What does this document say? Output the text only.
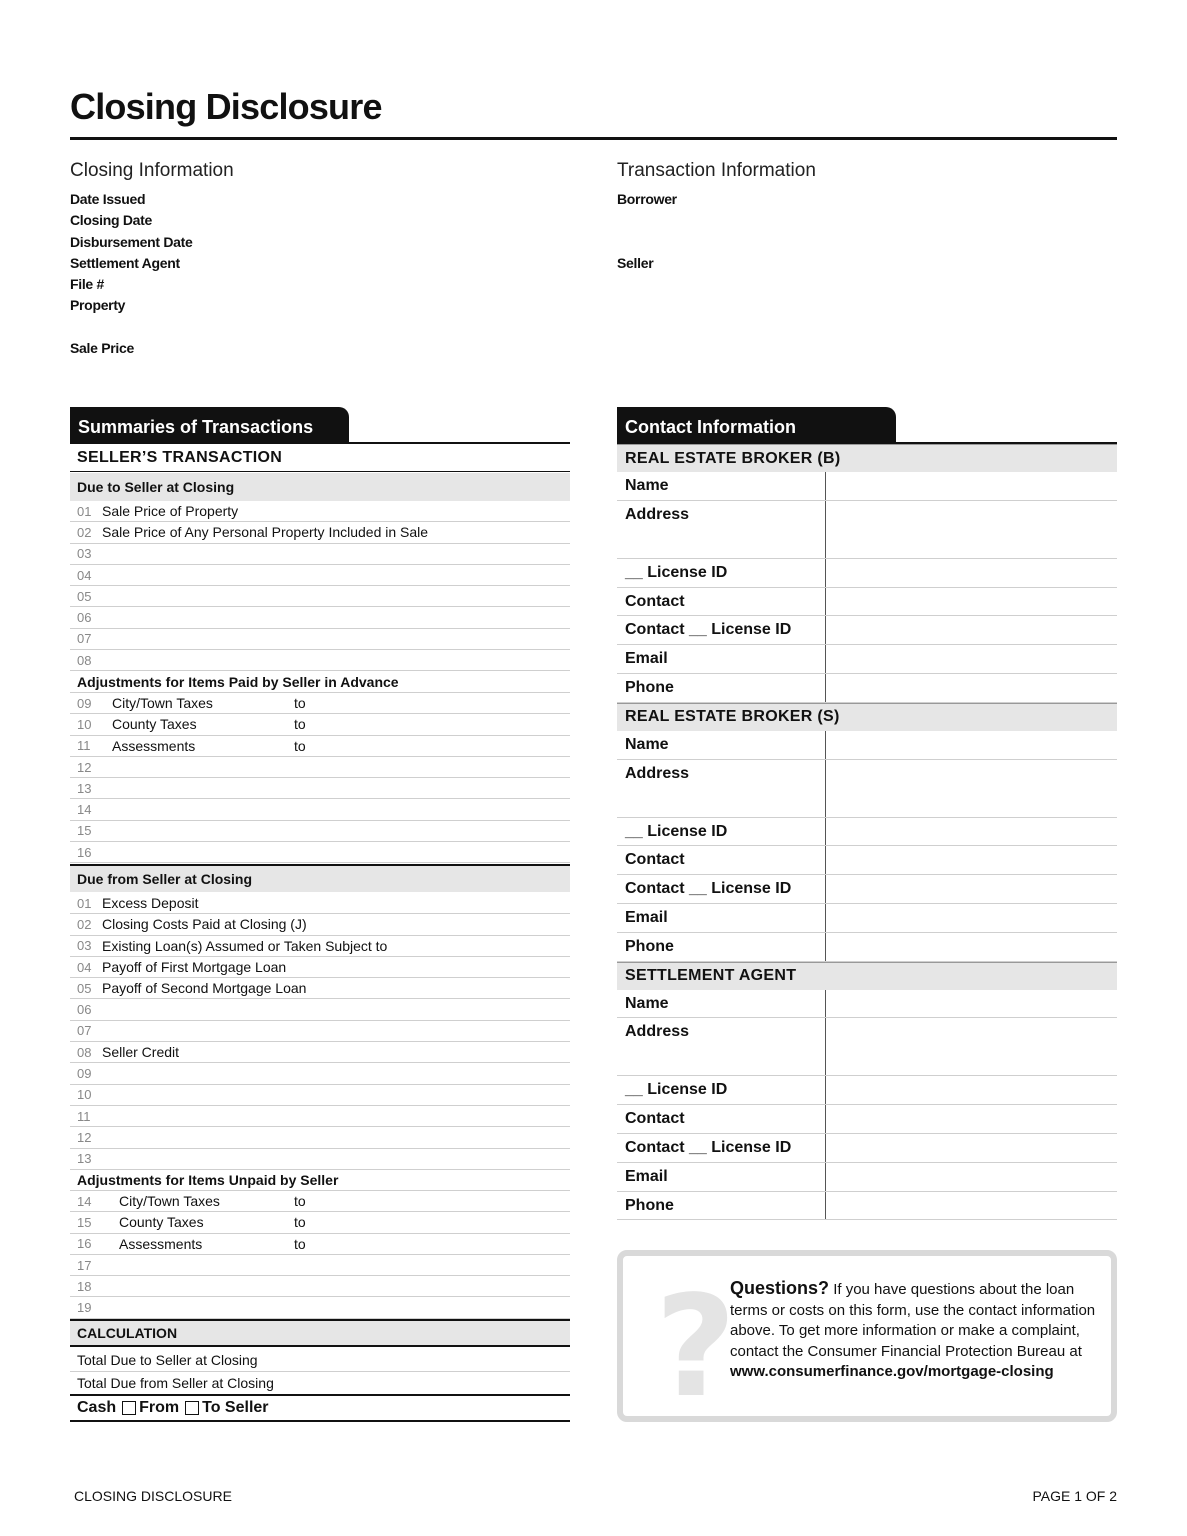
Closing Disclosure
Closing Information
Date Issued
Closing Date
Disbursement Date
Settlement Agent
File #
Property
Sale Price
Transaction Information
Borrower
Seller
Summaries of Transactions
SELLER’S TRANSACTION
Due to Seller at Closing
01 Sale Price of Property
02 Sale Price of Any Personal Property Included in Sale
03
04
05
06
07
08
Adjustments for Items Paid by Seller in Advance
09	City/Town Taxes	to
10	County Taxes	to
11	Assessments	to
12
13
14
15
16
Due from Seller at Closing
01 Excess Deposit
02 Closing Costs Paid at Closing (J)
03 Existing Loan(s) Assumed or Taken Subject to
04 Payoff of First Mortgage Loan
05 Payoff of Second Mortgage Loan
06
07
08 Seller Credit
09
10
11
12
13
Adjustments for Items Unpaid by Seller
14	City/Town Taxes	to
15	County Taxes	to
16	Assessments	to
17
18
19
CALCULATION
Total Due to Seller at Closing
Total Due from Seller at Closing
Cash From To Seller
Contact Information
REAL ESTATE BROKER (B)
Name
Address
__ License ID
Contact
Contact __ License ID
Email
Phone
REAL ESTATE BROKER (S)
Name
Address
__ License ID
Contact
Contact __ License ID
Email
Phone
SETTLEMENT AGENT
Name
Address
__ License ID
Contact
Contact __ License ID
Email
Phone
?
Questions? If you have questions about the loan terms or costs on this form, use the contact information above. To get more information or make a complaint, contact the Consumer Financial Protection Bureau at www.consumerfinance.gov/mortgage-closing
CLOSING DISCLOSURE	PAGE 1 OF 2
